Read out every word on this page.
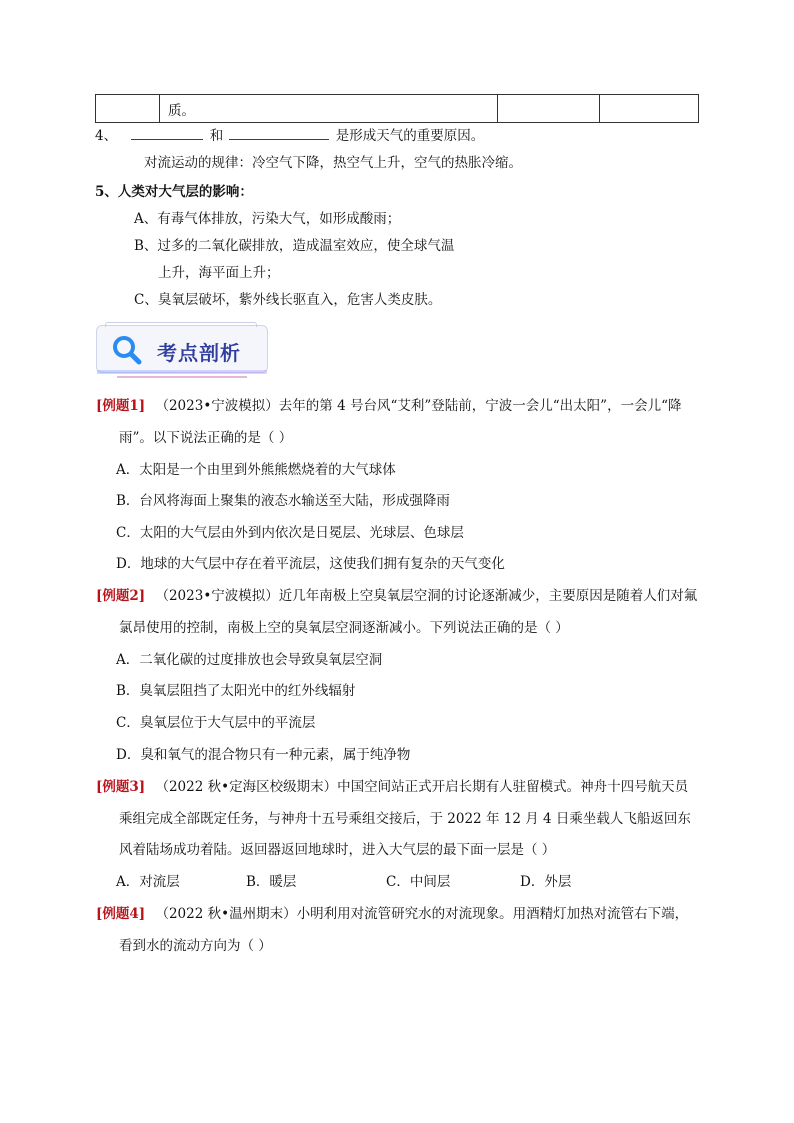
	质。		
4、	和	是形成天气的重要原因。
对流运动的规律：冷空气下降，热空气上升，空气的热胀冷缩。
5、人类对大气层的影响：
A、有毒气体排放，污染大气，如形成酸雨；
B、过多的二氧化碳排放，造成温室效应，使全球气温
上升，海平面上升；
C、臭氧层破坏，紫外线长驱直入，危害人类皮肤。
考点剖析
[例题1] （2023•宁波模拟）去年的第 4 号台风“艾利”登陆前，宁波一会儿“出太阳”，一会儿“降
雨”。以下说法正确的是（ ）
A．太阳是一个由里到外熊熊燃烧着的大气球体
B．台风将海面上聚集的液态水输送至大陆，形成强降雨
C．太阳的大气层由外到内依次是日冕层、光球层、色球层
D．地球的大气层中存在着平流层，这使我们拥有复杂的天气变化
[例题2] （2023•宁波模拟）近几年南极上空臭氧层空洞的讨论逐渐减少，主要原因是随着人们对氟
氯昂使用的控制，南极上空的臭氧层空洞逐渐减小。下列说法正确的是（ ）
A．二氧化碳的过度排放也会导致臭氧层空洞
B．臭氧层阻挡了太阳光中的红外线辐射
C．臭氧层位于大气层中的平流层
D．臭和氧气的混合物只有一种元素，属于纯净物
[例题3] （2022 秋•定海区校级期末）中国空间站正式开启长期有人驻留模式。神舟十四号航天员
乘组完成全部既定任务，与神舟十五号乘组交接后，于 2022 年 12 月 4 日乘坐载人飞船返回东
风着陆场成功着陆。返回器返回地球时，进入大气层的最下面一层是（ ）
A．对流层	B．暖层	C．中间层	D．外层
[例题4] （2022 秋•温州期末）小明利用对流管研究水的对流现象。用酒精灯加热对流管右下端，
看到水的流动方向为（ ）
